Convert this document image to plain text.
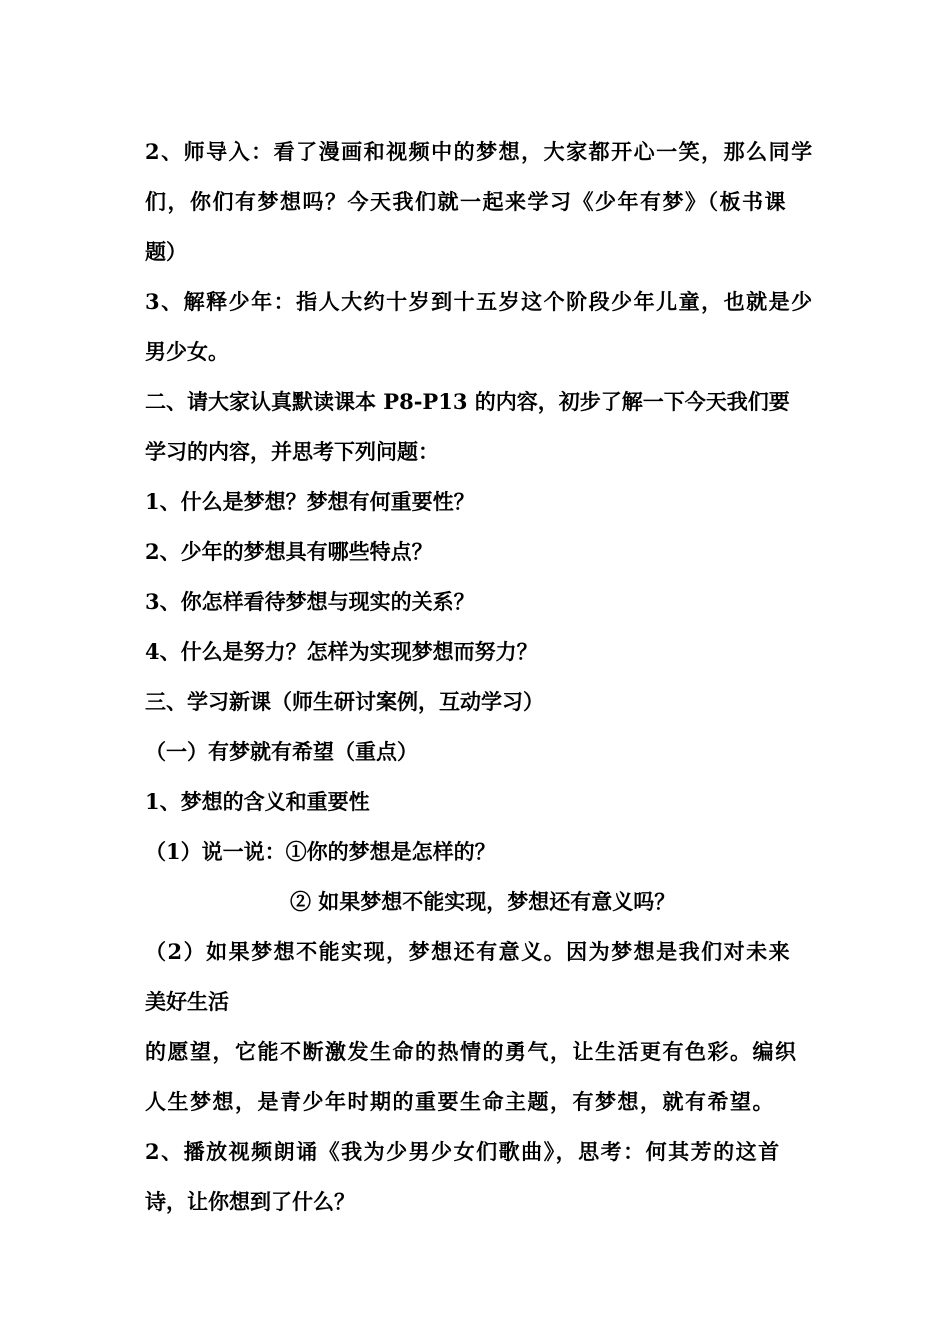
2、师导入：看了漫画和视频中的梦想，大家都开心一笑，那么同学
们，你们有梦想吗？今天我们就一起来学习《少年有梦》（板书课
题）
3、解释少年：指人大约十岁到十五岁这个阶段少年儿童，也就是少
男少女。
二、请大家认真默读课本 P8-P13 的内容，初步了解一下今天我们要
学习的内容，并思考下列问题：
1、什么是梦想？梦想有何重要性？
2、少年的梦想具有哪些特点？
3、你怎样看待梦想与现实的关系？
4、什么是努力？怎样为实现梦想而努力？
三、学习新课（师生研讨案例，互动学习）
（一）有梦就有希望（重点）
1、梦想的含义和重要性
（1）说一说：①你的梦想是怎样的？
② 如果梦想不能实现，梦想还有意义吗？
（2）如果梦想不能实现，梦想还有意义。因为梦想是我们对未来
美好生活
的愿望，它能不断激发生命的热情的勇气，让生活更有色彩。编织
人生梦想，是青少年时期的重要生命主题，有梦想，就有希望。
2、播放视频朗诵《我为少男少女们歌曲》，思考：何其芳的这首
诗，让你想到了什么？
